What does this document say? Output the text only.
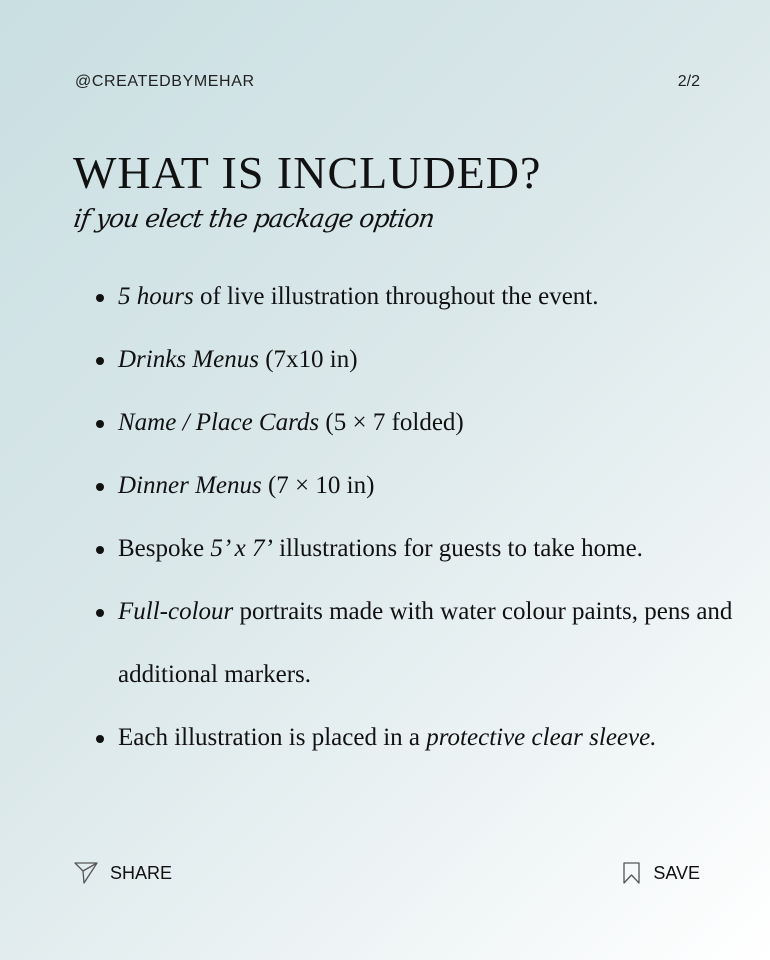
@CREATEDBYMEHAR	2/2
WHAT IS INCLUDED?
if you elect the package option
5 hours of live illustration throughout the event.
Drinks Menus (7x10 in)
Name / Place Cards (5 × 7 folded)
Dinner Menus (7 × 10 in)
Bespoke 5’ x 7’ illustrations for guests to take home.
Full-colour portraits made with water colour paints, pens and additional markers.
Each illustration is placed in a protective clear sleeve.
SHARE	SAVE
